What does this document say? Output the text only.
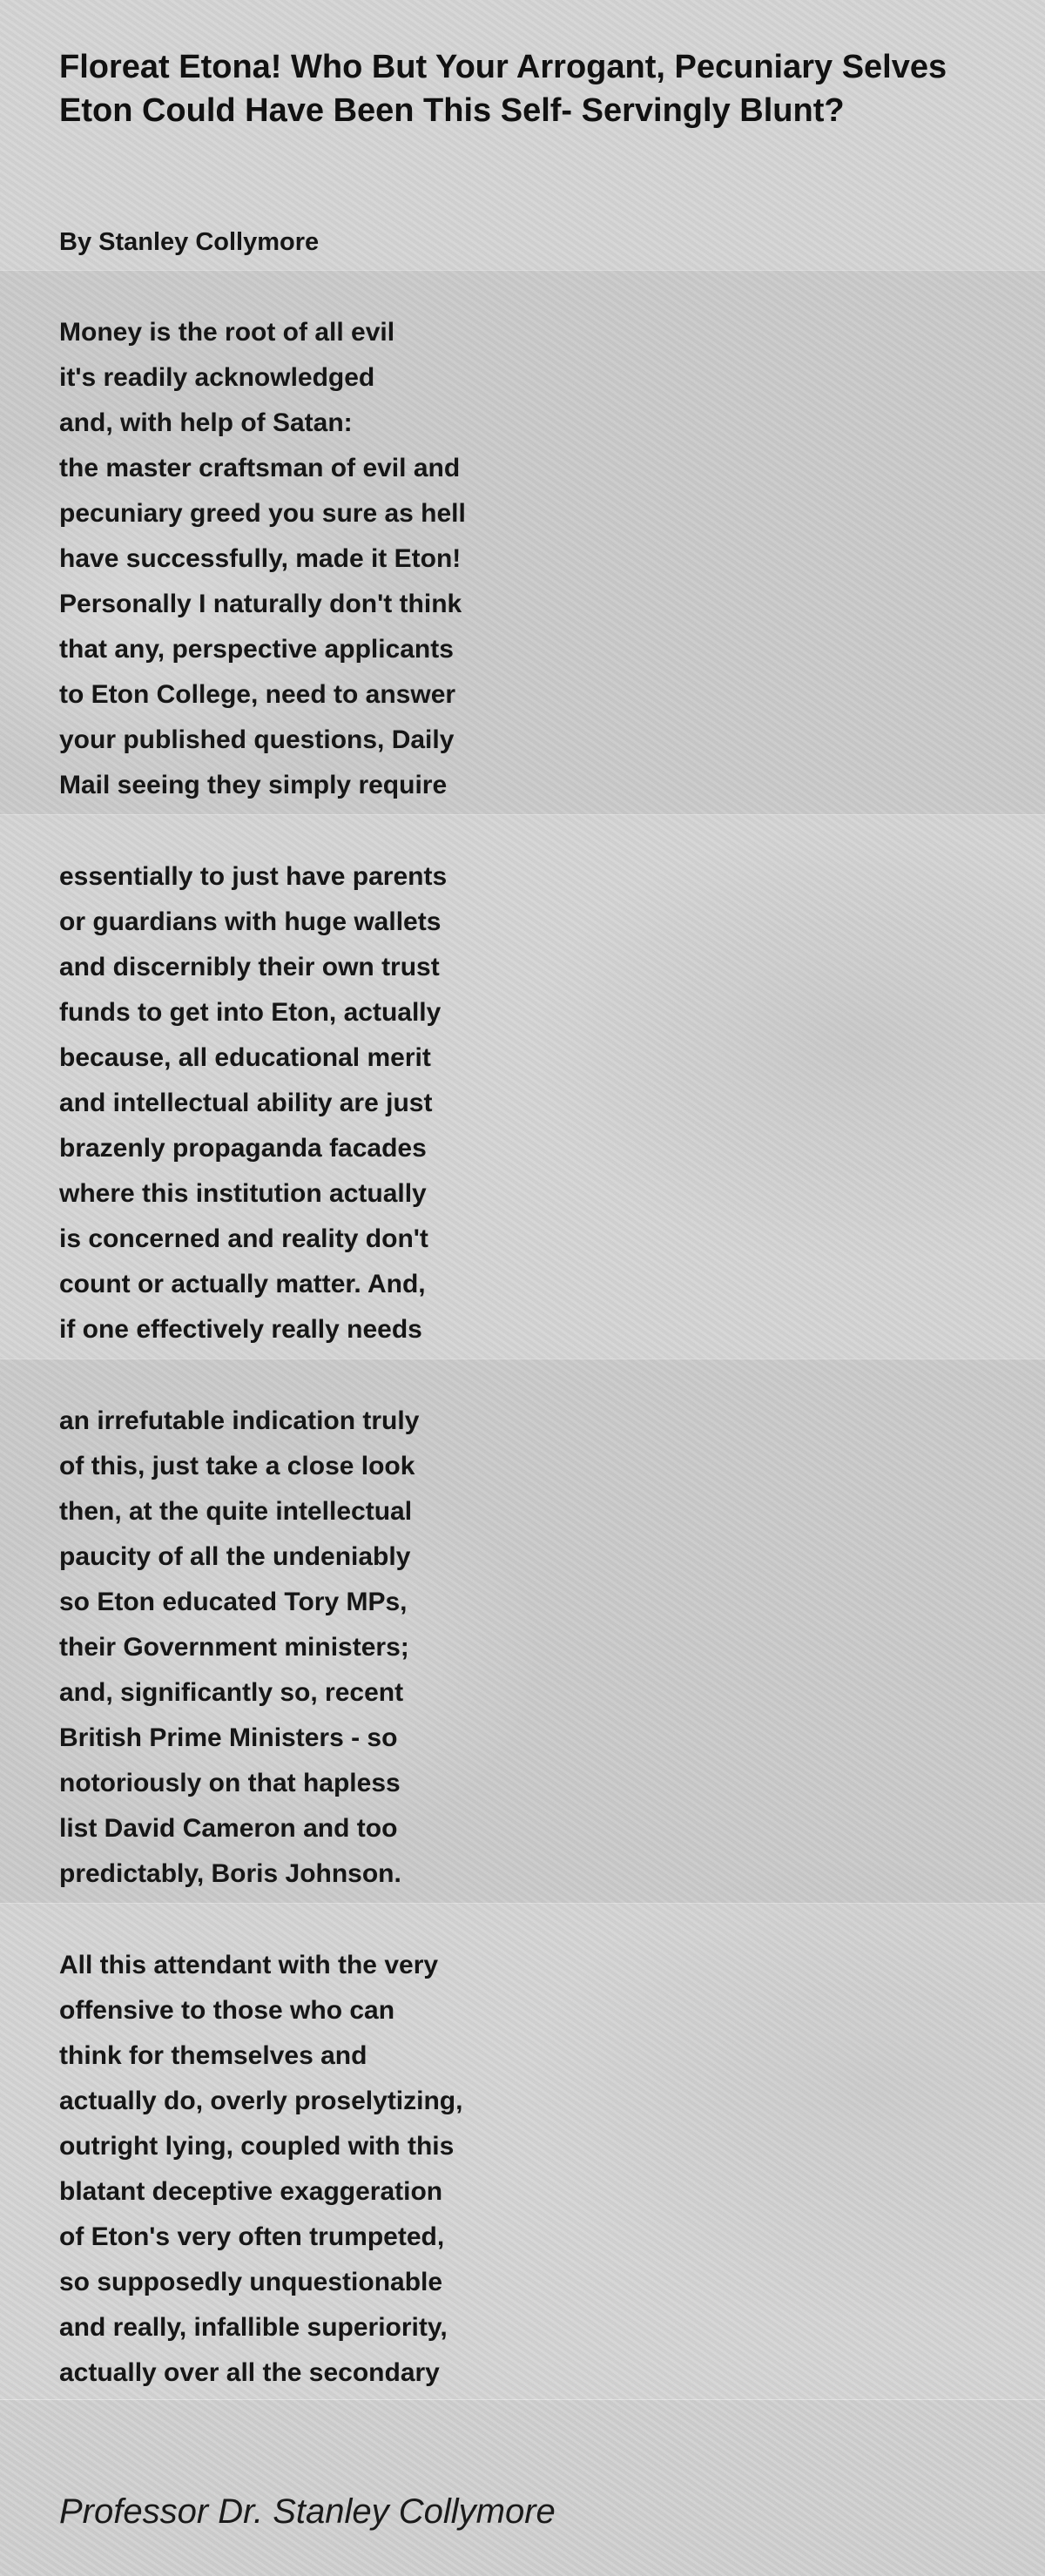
Floreat Etona! Who But Your Arrogant, Pecuniary Selves Eton Could Have Been This Self- Servingly Blunt?

By Stanley Collymore

Money is the root of all evil
it's readily acknowledged
and, with help of Satan:
the master craftsman of evil and
pecuniary greed you sure as hell
have successfully, made it Eton!
Personally I naturally don't think
that any, perspective applicants
to Eton College, need to answer
your published questions, Daily
Mail seeing they simply require
essentially to just have parents
or guardians with huge wallets
and discernibly their own trust
funds to get into Eton, actually
because, all educational merit
and intellectual ability are just
brazenly propaganda facades
where this institution actually
is concerned and reality don't
count or actually matter. And,
if one effectively really needs
an irrefutable indication truly
of this, just take a close look
then, at the quite intellectual
paucity of all the undeniably
so Eton educated Tory MPs,
their Government ministers;
and, significantly so, recent
British Prime Ministers - so
notoriously on that hapless
list David Cameron and too
predictably, Boris Johnson.
All this attendant with the very
offensive to those who can
think for themselves and
actually do, overly proselytizing,
outright lying, coupled with this
blatant deceptive exaggeration
of Eton's very often trumpeted,
so supposedly unquestionable
and really, infallible superiority,
actually over all the secondary

Professor Dr. Stanley Collymore
